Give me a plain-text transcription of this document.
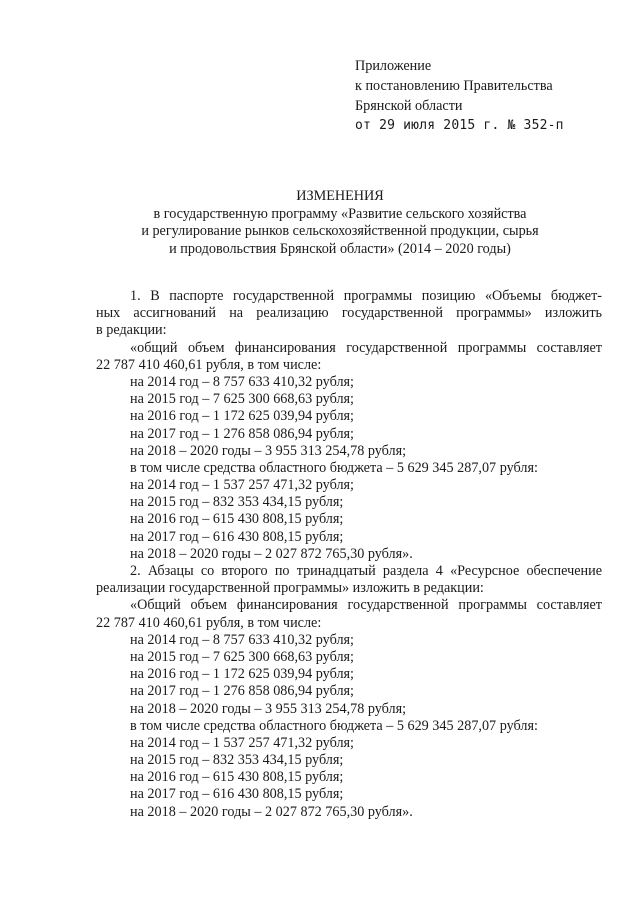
Приложение
к постановлению Правительства
Брянской области
от 29 июля 2015 г. № 352-п
ИЗМЕНЕНИЯ
в государственную программу «Развитие сельского хозяйства
и регулирование рынков сельскохозяйственной продукции, сырья
и продовольствия Брянской области» (2014 – 2020 годы)
1. В паспорте государственной программы позицию «Объемы бюджет-
ных ассигнований на реализацию государственной программы» изложить
в редакции:
«общий объем финансирования государственной программы составляет
22 787 410 460,61 рубля, в том числе:
на 2014 год – 8 757 633 410,32 рубля;
на 2015 год – 7 625 300 668,63 рубля;
на 2016 год – 1 172 625 039,94 рубля;
на 2017 год – 1 276 858 086,94 рубля;
на 2018 – 2020 годы – 3 955 313 254,78 рубля;
в том числе средства областного бюджета – 5 629 345 287,07 рубля:
на 2014 год – 1 537 257 471,32 рубля;
на 2015 год – 832 353 434,15 рубля;
на 2016 год – 615 430 808,15 рубля;
на 2017 год – 616 430 808,15 рубля;
на 2018 – 2020 годы – 2 027 872 765,30 рубля».
2. Абзацы со второго по тринадцатый раздела 4 «Ресурсное обеспечение
реализации государственной программы» изложить в редакции:
«Общий объем финансирования государственной программы составляет
22 787 410 460,61 рубля, в том числе:
на 2014 год – 8 757 633 410,32 рубля;
на 2015 год – 7 625 300 668,63 рубля;
на 2016 год – 1 172 625 039,94 рубля;
на 2017 год – 1 276 858 086,94 рубля;
на 2018 – 2020 годы – 3 955 313 254,78 рубля;
в том числе средства областного бюджета – 5 629 345 287,07 рубля:
на 2014 год – 1 537 257 471,32 рубля;
на 2015 год – 832 353 434,15 рубля;
на 2016 год – 615 430 808,15 рубля;
на 2017 год – 616 430 808,15 рубля;
на 2018 – 2020 годы – 2 027 872 765,30 рубля».
